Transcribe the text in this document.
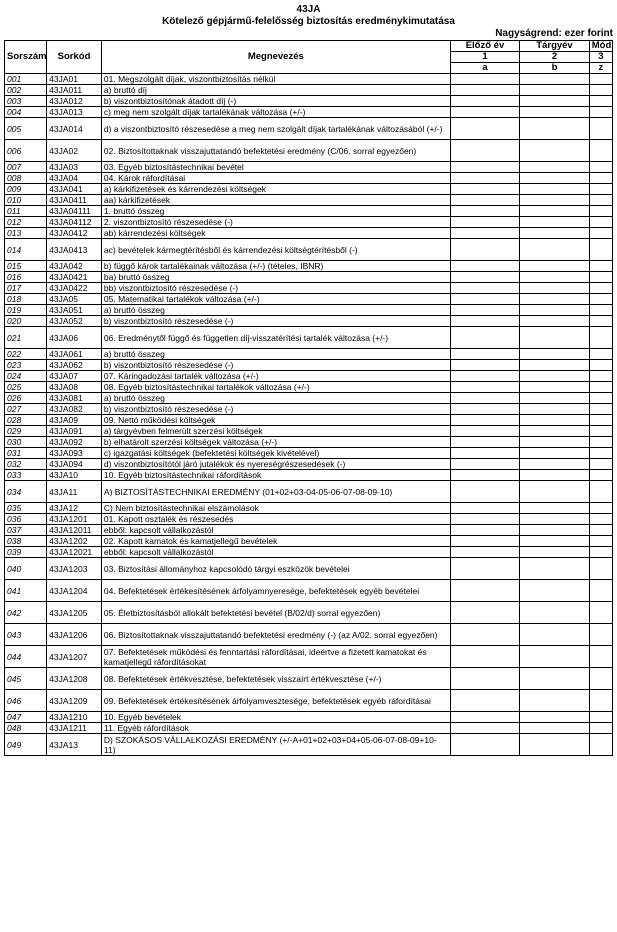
43JA
Kötelező gépjármű-felelősség biztosítás eredménykimutatása
Nagyságrend: ezer forint
Sorszám	Sorkód	Megnevezés	Előző év	Tárgyév	Mód
			1	2	3
			a	b	z
001	43JA01	01. Megszolgált díjak, viszontbiztosítás nélkül			
002	43JA011	a) bruttó díj			
003	43JA012	b) viszontbiztosítónak átadott díj (-)			
004	43JA013	c) meg nem szolgált díjak tartalékának változása (+/-)			
005	43JA014	d) a viszontbiztosító részesedése a meg nem szolgált díjak tartalékának változásából (+/-)			
006	43JA02	02. Biztosítottaknak visszajuttatandó befektetési eredmény (C/06. sorral egyezően)			
007	43JA03	03. Egyéb biztosítástechnikai bevétel			
008	43JA04	04. Károk ráfordításai			
009	43JA041	a) kárkifizetések és kárrendezési költségek			
010	43JA0411	aa) kárkifizetések			
011	43JA04111	1. bruttó összeg			
012	43JA04112	2. viszontbiztosító részesedése (-)			
013	43JA0412	ab) kárrendezési költségek			
014	43JA0413	ac) bevételek kármegtérítésből és kárrendezési költségtérítésből (-)			
015	43JA042	b) függő károk tartalékainak változása (+/-) (tételes, IBNR)			
016	43JA0421	ba) bruttó összeg			
017	43JA0422	bb) viszontbiztosító részesedése (-)			
018	43JA05	05. Matematikai tartalékok változása (+/-)			
019	43JA051	a) bruttó összeg			
020	43JA052	b) viszontbiztosító részesedése (-)			
021	43JA06	06. Eredménytől függő és független díj-visszatérítési tartalék változása (+/-)			
022	43JA061	a) bruttó összeg			
023	43JA062	b) viszontbiztosító részesedése (-)			
024	43JA07	07. Káringadozási tartalék változása (+/-)			
025	43JA08	08. Egyéb biztosítástechnikai tartalékok változása (+/-)			
026	43JA081	a) bruttó összeg			
027	43JA082	b) viszontbiztosító részesedése (-)			
028	43JA09	09. Nettó működési költségek			
029	43JA091	a) tárgyévben felmerült szerzési költségek			
030	43JA092	b) elhatárolt szerzési költségek változása (+/-)			
031	43JA093	c) igazgatási költségek (befektetési költségek kivételével)			
032	43JA094	d) viszontbiztosítótól járó jutalékok és nyereségrészesedések (-)			
033	43JA10	10. Egyéb biztosítástechnikai ráfordítások			
034	43JA11	A) BIZTOSÍTÁSTECHNIKAI EREDMÉNY (01+02+03-04-05-06-07-08-09-10)			
035	43JA12	C) Nem biztosítástechnikai elszámolások			
036	43JA1201	01. Kapott osztalék és részesedés			
037	43JA12011	ebből: kapcsolt vállalkozástól			
038	43JA1202	02. Kapott kamatok és kamatjellegű bevételek			
039	43JA12021	ebből: kapcsolt vállalkozástól			
040	43JA1203	03. Biztosítási állományhoz kapcsolódó tárgyi eszközök bevételei			
041	43JA1204	04. Befektetések értékesítésének árfolyamnyeresége, befektetések egyéb bevételei			
042	43JA1205	05. Életbiztosításból allokált befektetési bevétel (B/02/d) sorral egyezően)			
043	43JA1206	06. Biztosítottaknak visszajuttatandó befektetési eredmény (-) (az A/02. sorral egyezően)			
044	43JA1207	07. Befektetések működési és fenntartási ráfordításai, ideértve a fizetett kamatokat és kamatjellegű ráfordításokat			
045	43JA1208	08. Befektetések értékvesztése, befektetések visszaírt értékvesztése (+/-)			
046	43JA1209	09. Befektetések értékesítésének árfolyamvesztesége, befektetések egyéb ráfordításai			
047	43JA1210	10. Egyéb bevételek			
048	43JA1211	11. Egyéb ráfordítások			
049	43JA13	D) SZOKÁSOS VÁLLALKOZÁSI EREDMÉNY (+/-A+01+02+03+04+05-06-07-08-09+10-11)			
